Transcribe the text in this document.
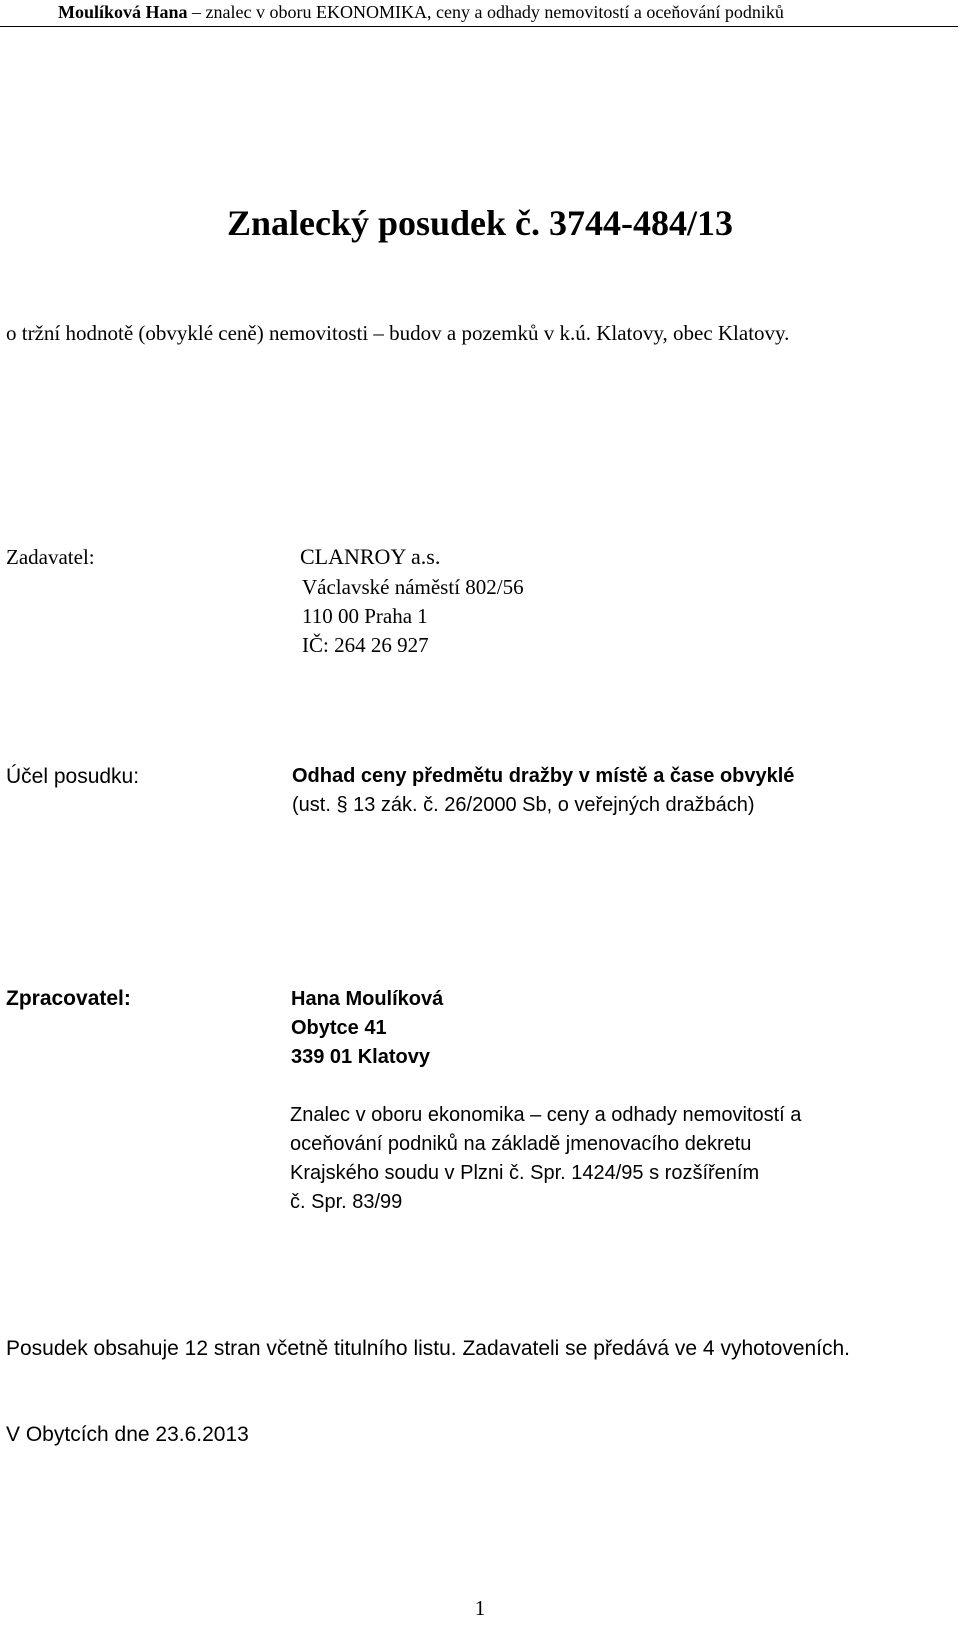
Moulíková Hana – znalec v oboru EKONOMIKA, ceny a odhady nemovitostí a oceňování podniků
Znalecký posudek č. 3744-484/13
o tržní hodnotě (obvyklé ceně) nemovitosti – budov a pozemků v k.ú. Klatovy, obec Klatovy.
Zadavatel:	CLANROY a.s.
Václavské náměstí 802/56
110 00 Praha 1
IČ: 264 26 927
Účel posudku:	Odhad ceny předmětu dražby v místě a čase obvyklé
(ust. § 13 zák. č. 26/2000 Sb, o veřejných dražbách)
Zpracovatel:	Hana Moulíková
Obytce 41
339 01 Klatovy
Znalec v oboru ekonomika – ceny a odhady nemovitostí a
oceňování podniků na základě jmenovacího dekretu
Krajského soudu v Plzni č. Spr. 1424/95 s rozšířením
č. Spr. 83/99
Posudek obsahuje 12 stran včetně titulního listu. Zadavateli se předává ve 4 vyhotoveních.
V Obytcích dne 23.6.2013
1
